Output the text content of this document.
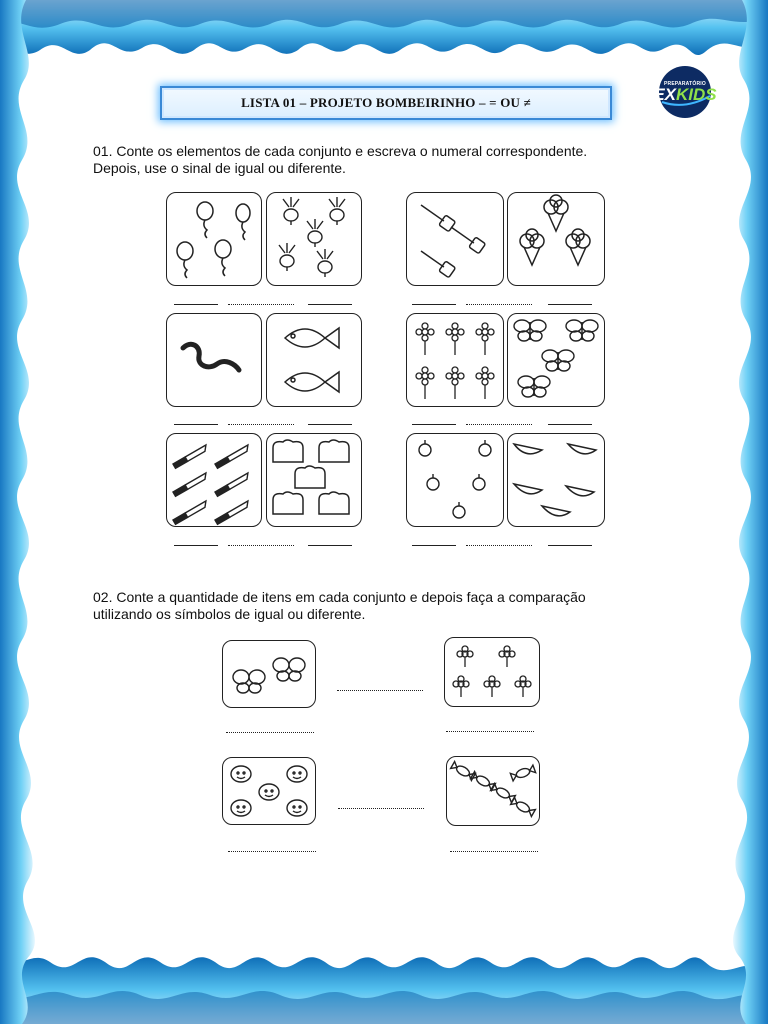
LISTA 01 – PROJETO BOMBEIRINHO – = OU ≠
PREPARATÓRIO
EXKIDS
01. Conte os elementos de cada conjunto e escreva o numeral correspondente.
Depois, use o sinal de igual ou diferente.
02. Conte a quantidade de itens em cada conjunto e depois faça a comparação
utilizando os símbolos de igual ou diferente.
